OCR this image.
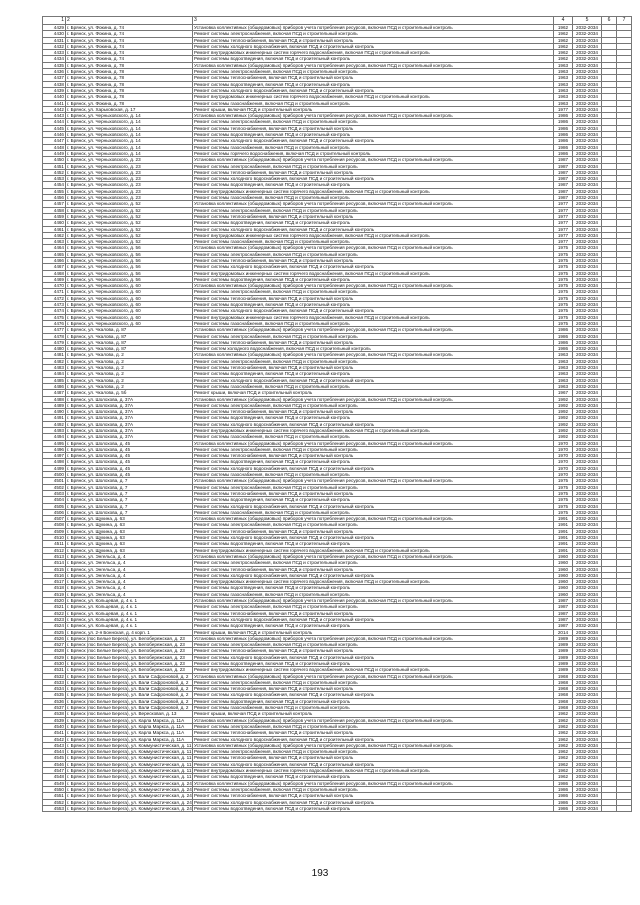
1	2	3	4	5	6	7
4429	г. Брянск, ул. Фокина, д. 74	Установка коллективных (общедомовых) приборов учета потребления ресурсов, включая ПСД и строительный контроль	1962	2032-2034		
4430	г. Брянск, ул. Фокина, д. 74	Ремонт системы электроснабжения, включая ПСД и строительный контроль	1962	2032-2034		
4431	г. Брянск, ул. Фокина, д. 74	Ремонт системы теплоснабжения, включая ПСД и строительный контроль	1962	2032-2034		
4432	г. Брянск, ул. Фокина, д. 74	Ремонт системы холодного водоснабжения, включая ПСД и строительный контроль	1962	2032-2034		
4433	г. Брянск, ул. Фокина, д. 74	Ремонт внутридомовых инженерных систем горячего водоснабжения, включая ПСД и строительный контроль	1962	2032-2034		
4434	г. Брянск, ул. Фокина, д. 74	Ремонт системы водоотведения, включая ПСД и строительный контроль	1962	2032-2034		
4435	г. Брянск, ул. Фокина, д. 78	Установка коллективных (общедомовых) приборов учета потребления ресурсов, включая ПСД и строительный контроль	1963	2032-2034		
4436	г. Брянск, ул. Фокина, д. 78	Ремонт системы электроснабжения, включая ПСД и строительный контроль	1963	2032-2034		
4437	г. Брянск, ул. Фокина, д. 78	Ремонт системы теплоснабжения, включая ПСД и строительный контроль	1963	2032-2034		
4438	г. Брянск, ул. Фокина, д. 78	Ремонт системы водоотведения, включая ПСД и строительный контроль	1963	2032-2034		
4439	г. Брянск, ул. Фокина, д. 78	Ремонт системы холодного водоснабжения, включая ПСД и строительный контроль	1963	2032-2034		
4440	г. Брянск, ул. Фокина, д. 78	Ремонт внутридомовых инженерных систем горячего водоснабжения, включая ПСД и строительный контроль	1963	2032-2034		
4441	г. Брянск, ул. Фокина, д. 78	Ремонт системы газоснабжения, включая ПСД и строительный контроль	1963	2032-2034		
4442	г. Брянск, ул. Харьковская, д. 17	Ремонт крыши, включая ПСД и строительный контроль	1977	2032-2034		
4443	г. Брянск, ул. Черныховского, д. 14	Установка коллективных (общедомовых) приборов учета потребления ресурсов, включая ПСД и строительный контроль	1986	2032-2034		
4444	г. Брянск, ул. Черныховского, д. 14	Ремонт системы электроснабжения, включая ПСД и строительный контроль	1986	2032-2034		
4445	г. Брянск, ул. Черныховского, д. 14	Ремонт системы теплоснабжения, включая ПСД и строительный контроль	1986	2032-2034		
4446	г. Брянск, ул. Черныховского, д. 14	Ремонт системы водоотведения, включая ПСД и строительный контроль	1986	2032-2034		
4447	г. Брянск, ул. Черныховского, д. 14	Ремонт системы холодного водоснабжения, включая ПСД и строительный контроль	1986	2032-2034		
4448	г. Брянск, ул. Черныховского, д. 14	Ремонт системы газоснабжения, включая ПСД и строительный контроль	1986	2032-2034		
4449	г. Брянск, ул. Черныховского, д. 14	Ремонт системы горячего водоснабжения, включая ПСД и строительный контроль	1986	2032-2034		
4450	г. Брянск, ул. Черныховского, д. 23	Установка коллективных (общедомовых) приборов учета потребления ресурсов, включая ПСД и строительный контроль	1987	2032-2034		
4451	г. Брянск, ул. Черныховского, д. 23	Ремонт системы электроснабжения, включая ПСД и строительный контроль	1987	2032-2034		
4452	г. Брянск, ул. Черныховского, д. 23	Ремонт системы теплоснабжения, включая ПСД и строительный контроль	1987	2032-2034		
4453	г. Брянск, ул. Черныховского, д. 23	Ремонт системы холодного водоснабжения, включая ПСД и строительный контроль	1987	2032-2034		
4454	г. Брянск, ул. Черныховского, д. 23	Ремонт системы водоотведения, включая ПСД и строительный контроль	1987	2032-2034		
4455	г. Брянск, ул. Черныховского, д. 23	Ремонт внутридомовых инженерных систем горячего водоснабжения, включая ПСД и строительный контроль	1987	2032-2034		
4456	г. Брянск, ул. Черныховского, д. 23	Ремонт системы газоснабжения, включая ПСД и строительный контроль	1987	2032-2034		
4457	г. Брянск, ул. Черныховского, д. 52	Установка коллективных (общедомовых) приборов учета потребления ресурсов, включая ПСД и строительный контроль	1977	2032-2034		
4458	г. Брянск, ул. Черныховского, д. 52	Ремонт системы электроснабжения, включая ПСД и строительный контроль	1977	2032-2034		
4459	г. Брянск, ул. Черныховского, д. 52	Ремонт системы теплоснабжения, включая ПСД и строительный контроль	1977	2032-2034		
4460	г. Брянск, ул. Черныховского, д. 52	Ремонт системы водоотведения, включая ПСД и строительный контроль	1977	2032-2034		
4461	г. Брянск, ул. Черныховского, д. 52	Ремонт системы холодного водоснабжения, включая ПСД и строительный контроль	1977	2032-2034		
4462	г. Брянск, ул. Черныховского, д. 52	Ремонт внутридомовых инженерных систем горячего водоснабжения, включая ПСД и строительный контроль	1977	2032-2034		
4463	г. Брянск, ул. Черныховского, д. 52	Ремонт системы газоснабжения, включая ПСД и строительный контроль	1977	2032-2034		
4464	г. Брянск, ул. Черныховского, д. 56	Установка коллективных (общедомовых) приборов учета потребления ресурсов, включая ПСД и строительный контроль	1975	2032-2034		
4465	г. Брянск, ул. Черныховского, д. 56	Ремонт системы электроснабжения, включая ПСД и строительный контроль	1975	2032-2034		
4466	г. Брянск, ул. Черныховского, д. 56	Ремонт системы теплоснабжения, включая ПСД и строительный контроль	1975	2032-2034		
4467	г. Брянск, ул. Черныховского, д. 56	Ремонт системы холодного водоснабжения, включая ПСД и строительный контроль	1975	2032-2034		
4468	г. Брянск, ул. Черныховского, д. 56	Ремонт внутридомовых инженерных систем горячего водоснабжения, включая ПСД и строительный контроль	1975	2032-2034		
4469	г. Брянск, ул. Черныховского, д. 56	Ремонт системы водоотведения, включая ПСД и строительный контроль	1975	2032-2034		
4470	г. Брянск, ул. Черныховского, д. 60	Установка коллективных (общедомовых) приборов учета потребления ресурсов, включая ПСД и строительный контроль	1975	2032-2034		
4471	г. Брянск, ул. Черныховского, д. 60	Ремонт системы электроснабжения, включая ПСД и строительный контроль	1975	2032-2034		
4472	г. Брянск, ул. Черныховского, д. 60	Ремонт системы теплоснабжения, включая ПСД и строительный контроль	1975	2032-2034		
4473	г. Брянск, ул. Черныховского, д. 60	Ремонт системы водоотведения, включая ПСД и строительный контроль	1975	2032-2034		
4474	г. Брянск, ул. Черныховского, д. 60	Ремонт системы холодного водоснабжения, включая ПСД и строительный контроль	1975	2032-2034		
4475	г. Брянск, ул. Черныховского, д. 60	Ремонт внутридомовых инженерных систем горячего водоснабжения, включая ПСД и строительный контроль	1975	2032-2034		
4476	г. Брянск, ул. Черныховского, д. 60	Ремонт системы газоснабжения, включая ПСД и строительный контроль	1975	2032-2034		
4477	г. Брянск, ул. Чкалова, д. 87	Установка коллективных (общедомовых) приборов учета потребления ресурсов, включая ПСД и строительный контроль	1986	2032-2034		
4478	г. Брянск, ул. Чкалова, д. 87	Ремонт системы электроснабжения, включая ПСД и строительный контроль	1986	2032-2034		
4479	г. Брянск, ул. Чкалова, д. 87	Ремонт системы теплоснабжения, включая ПСД и строительный контроль	1986	2032-2034		
4480	г. Брянск, ул. Чкалова, д. 87	Ремонт систем холодного водоснабжения, включая ПСД и строительный контроль	1986	2032-2034		
4481	г. Брянск, ул. Чкалова, д. 2	Установка коллективных (общедомовых) приборов учета потребления ресурсов, включая ПСД и строительный контроль	1963	2032-2034		
4482	г. Брянск, ул. Чкалова, д. 2	Ремонт системы электроснабжения, включая ПСД и строительный контроль	1963	2032-2034		
4483	г. Брянск, ул. Чкалова, д. 2	Ремонт системы теплоснабжения, включая ПСД и строительный контроль	1963	2032-2034		
4484	г. Брянск, ул. Чкалова, д. 2	Ремонт системы водоотведения, включая ПСД и строительный контроль	1963	2032-2034		
4485	г. Брянск, ул. Чкалова, д. 2	Ремонт системы холодного водоснабжения, включая ПСД и строительный контроль	1963	2032-2034		
4486	г. Брянск, ул. Чкалова, д. 2	Ремонт системы газоснабжения, включая ПСД и строительный контроль	1963	2032-2034		
4487	г. Брянск, ул. Чкалова, д. 5б	Ремонт крыши, включая ПСД и строительный контроль	1967	2032-2034		
4488	г. Брянск, ул. Шолохова, д. 37А	Установка коллективных (общедомовых) приборов учета потребления ресурсов, включая ПСД и строительный контроль	1992	2032-2034		
4489	г. Брянск, ул. Шолохова, д. 37А	Ремонт системы электроснабжения, включая ПСД и строительный контроль	1992	2032-2034		
4490	г. Брянск, ул. Шолохова, д. 37А	Ремонт системы теплоснабжения, включая ПСД и строительный контроль	1992	2032-2034		
4491	г. Брянск, ул. Шолохова, д. 37А	Ремонт системы водоотведения, включая ПСД и строительный контроль	1992	2032-2034		
4492	г. Брянск, ул. Шолохова, д. 37А	Ремонт системы холодного водоснабжения, включая ПСД и строительный контроль	1992	2032-2034		
4493	г. Брянск, ул. Шолохова, д. 37А	Ремонт внутридомовых инженерных систем горячего водоснабжения, включая ПСД и строительный контроль	1992	2032-2034		
4494	г. Брянск, ул. Шолохова, д. 37А	Ремонт системы газоснабжения, включая ПСД и строительный контроль	1992	2032-2034		
4495	г. Брянск, ул. Шолохова, д. 45	Установка коллективных (общедомовых) приборов учета потребления ресурсов, включая ПСД и строительный контроль	1970	2032-2034		
4496	г. Брянск, ул. Шолохова, д. 45	Ремонт системы электроснабжения, включая ПСД и строительный контроль	1970	2032-2034		
4497	г. Брянск, ул. Шолохова, д. 45	Ремонт системы теплоснабжения, включая ПСД и строительный контроль	1970	2032-2034		
4498	г. Брянск, ул. Шолохова, д. 45	Ремонт системы водоотведения, включая ПСД и строительный контроль	1970	2032-2034		
4499	г. Брянск, ул. Шолохова, д. 45	Ремонт системы холодного водоснабжения, включая ПСД и строительный контроль	1970	2032-2034		
4500	г. Брянск, ул. Шолохова, д. 45	Ремонт системы газоснабжения, включая ПСД и строительный контроль	1970	2032-2034		
4501	г. Брянск, ул. Шолохова, д. 7	Установка коллективных (общедомовых) приборов учета потребления ресурсов, включая ПСД и строительный контроль	1975	2032-2034		
4502	г. Брянск, ул. Шолохова, д. 7	Ремонт системы электроснабжения, включая ПСД и строительный контроль	1975	2032-2034		
4503	г. Брянск, ул. Шолохова, д. 7	Ремонт системы теплоснабжения, включая ПСД и строительный контроль	1975	2032-2034		
4504	г. Брянск, ул. Шолохова, д. 7	Ремонт системы водоотведения, включая ПСД и строительный контроль	1975	2032-2034		
4505	г. Брянск, ул. Шолохова, д. 7	Ремонт системы холодного водоснабжения, включая ПСД и строительный контроль	1975	2032-2034		
4506	г. Брянск, ул. Шолохова, д. 7	Ремонт системы газоснабжения, включая ПСД и строительный контроль	1975	2032-2034		
4507	г. Брянск, ул. Щукина, д. 63	Установка коллективных (общедомовых) приборов учета потребления ресурсов, включая ПСД и строительный контроль	1991	2032-2034		
4508	г. Брянск, ул. Щукина, д. 63	Ремонт системы электроснабжения, включая ПСД и строительный контроль	1991	2032-2034		
4509	г. Брянск, ул. Щукина, д. 63	Ремонт системы теплоснабжения, включая ПСД и строительный контроль	1991	2032-2034		
4510	г. Брянск, ул. Щукина, д. 63	Ремонт системы холодного водоснабжения, включая ПСД и строительный контроль	1991	2032-2034		
4511	г. Брянск, ул. Щукина, д. 63	Ремонт системы водоотведения, включая ПСД и строительный контроль	1991	2032-2034		
4512	г. Брянск, ул. Щукина, д. 63	Ремонт внутридомовых инженерных систем горячего водоснабжения, включая ПСД и строительный контроль	1991	2032-2034		
4513	г. Брянск, ул. Энгельса, д. 4	Установка коллективных (общедомовых) приборов учета потребления ресурсов, включая ПСД и строительный контроль	1960	2032-2034		
4514	г. Брянск, ул. Энгельса, д. 4	Ремонт системы электроснабжения, включая ПСД и строительный контроль	1960	2032-2034		
4515	г. Брянск, ул. Энгельса, д. 4	Ремонт системы теплоснабжения, включая ПСД и строительный контроль	1960	2032-2034		
4516	г. Брянск, ул. Энгельса, д. 4	Ремонт системы холодного водоснабжения, включая ПСД и строительный контроль	1960	2032-2034		
4517	г. Брянск, ул. Энгельса, д. 4	Ремонт внутридомовых инженерных систем горячего водоснабжения, включая ПСД и строительный контроль	1960	2032-2034		
4518	г. Брянск, ул. Энгельса, д. 4	Ремонт системы водоотведения, включая ПСД и строительный контроль	1960	2032-2034		
4519	г. Брянск, ул. Энгельса, д. 4	Ремонт системы газоснабжения, включая ПСД и строительный контроль	1960	2032-2034		
4520	г. Брянск, ул. Кольцевая, д. 4 к. 1	Установка коллективных (общедомовых) приборов учета потребления ресурсов, включая ПСД и строительный контроль	1987	2032-2034		
4521	г. Брянск, ул. Кольцевая, д. 4 к. 1	Ремонт системы электроснабжения, включая ПСД и строительный контроль	1987	2032-2034		
4522	г. Брянск, ул. Кольцевая, д. 4 к. 1	Ремонт системы теплоснабжения, включая ПСД и строительный контроль	1987	2032-2034		
4523	г. Брянск, ул. Кольцевая, д. 4 к. 1	Ремонт системы холодного водоснабжения, включая ПСД и строительный контроль	1987	2032-2034		
4524	г. Брянск, ул. Кольцевая, д. 4 к. 1	Ремонт системы водоотведения, включая ПСД и строительный контроль	1987	2032-2034		
4525	г. Брянск, ул. 2-я Боннская, д. 4 корп. 1	Ремонт крыши, включая ПСД и строительный контроль	2014	2032-2034		
4526	г. Брянск (пос Белые Берега), ул. Белобережская, д. 23	Установка коллективных (общедомовых) приборов учета потребления ресурсов, включая ПСД и строительный контроль	1989	2032-2034		
4527	г. Брянск (пос Белые Берега), ул. Белобережская, д. 23	Ремонт системы электроснабжения, включая ПСД и строительный контроль	1989	2032-2034		
4528	г. Брянск (пос Белые Берега), ул. Белобережская, д. 23	Ремонт системы теплоснабжения, включая ПСД и строительный контроль	1989	2032-2034		
4529	г. Брянск (пос Белые Берега), ул. Белобережская, д. 23	Ремонт системы холодного водоснабжения, включая ПСД и строительный контроль	1989	2032-2034		
4530	г. Брянск (пос Белые Берега), ул. Белобережская, д. 23	Ремонт системы водоотведения, включая ПСД и строительный контроль	1989	2032-2034		
4531	г. Брянск (пос Белые Берега), ул. Белобережская, д. 23	Ремонт внутридомовых инженерных систем горячего водоснабжения, включая ПСД и строительный контроль	1989	2032-2034		
4532	г. Брянск (пос Белые Берега), ул. Вали Сафроновой, д. 2	Установка коллективных (общедомовых) приборов учета потребления ресурсов, включая ПСД и строительный контроль	1968	2032-2034		
4533	г. Брянск (пос Белые Берега), ул. Вали Сафроновой, д. 2	Ремонт системы электроснабжения, включая ПСД и строительный контроль	1968	2032-2034		
4534	г. Брянск (пос Белые Берега), ул. Вали Сафроновой, д. 2	Ремонт системы теплоснабжения, включая ПСД и строительный контроль	1968	2032-2034		
4535	г. Брянск (пос Белые Берега), ул. Вали Сафроновой, д. 2	Ремонт системы холодного водоснабжения, включая ПСД и строительный контроль	1968	2032-2034		
4536	г. Брянск (пос Белые Берега), ул. Вали Сафроновой, д. 2	Ремонт системы водоотведения, включая ПСД и строительный контроль	1968	2032-2034		
4537	г. Брянск (пос Белые Берега), ул. Вали Сафроновой, д. 2	Ремонт системы газоснабжения, включая ПСД и строительный контроль	1968	2032-2034		
4538	г. Брянск (пос Белые Берега), ул. Вересковая, д. 13	Ремонт крыши, включая ПСД и строительный контроль	1962	2032-2034		
4539	г. Брянск (пос Белые Берега), ул. Карла Маркса, д. 11А	Установка коллективных (общедомовых) приборов учета потребления ресурсов, включая ПСД и строительный контроль	1962	2032-2034		
4540	г. Брянск (пос Белые Берега), ул. Карла Маркса, д. 11А	Ремонт системы электроснабжения, включая ПСД и строительный контроль	1962	2032-2034		
4541	г. Брянск (пос Белые Берега), ул. Карла Маркса, д. 11А	Ремонт системы теплоснабжения, включая ПСД и строительный контроль	1962	2032-2034		
4542	г. Брянск (пос Белые Берега), ул. Карла Маркса, д. 11А	Ремонт системы холодного водоснабжения, включая ПСД и строительный контроль	1962	2032-2034		
4543	г. Брянск (пос Белые Берега), ул. Коммунистическая, д. 11	Установка коллективных (общедомовых) приборов учета потребления ресурсов, включая ПСД и строительный контроль	1962	2032-2034		
4544	г. Брянск (пос Белые Берега), ул. Коммунистическая, д. 11	Ремонт системы электроснабжения, включая ПСД и строительный контроль	1962	2032-2034		
4545	г. Брянск (пос Белые Берега), ул. Коммунистическая, д. 11	Ремонт системы теплоснабжения, включая ПСД и строительный контроль	1962	2032-2034		
4546	г. Брянск (пос Белые Берега), ул. Коммунистическая, д. 11	Ремонт системы холодного водоснабжения, включая ПСД и строительный контроль	1962	2032-2034		
4547	г. Брянск (пос Белые Берега), ул. Коммунистическая, д. 11	Ремонт внутридомовых инженерных систем горячего водоснабжения, включая ПСД и строительный контроль	1962	2032-2034		
4548	г. Брянск (пос Белые Берега), ул. Коммунистическая, д. 11	Ремонт системы водоотведения, включая ПСД и строительный контроль	1962	2032-2034		
4549	г. Брянск (пос Белые Берега), ул. Коммунистическая, д. 24	Установка коллективных (общедомовых) приборов учета потребления ресурсов, включая ПСД и строительный контроль	1986	2032-2034		
4550	г. Брянск (пос Белые Берега), ул. Коммунистическая, д. 24	Ремонт системы электроснабжения, включая ПСД и строительный контроль	1986	2032-2034		
4551	г. Брянск (пос Белые Берега), ул. Коммунистическая, д. 24	Ремонт системы теплоснабжения, включая ПСД и строительный контроль	1986	2032-2034		
4552	г. Брянск (пос Белые Берега), ул. Коммунистическая, д. 24	Ремонт системы холодного водоснабжения, включая ПСД и строительный контроль	1986	2032-2034		
4553	г. Брянск (пос Белые Берега), ул. Коммунистическая, д. 24	Ремонт системы водоотведения, включая ПСД и строительный контроль	1986	2032-2034		
193
